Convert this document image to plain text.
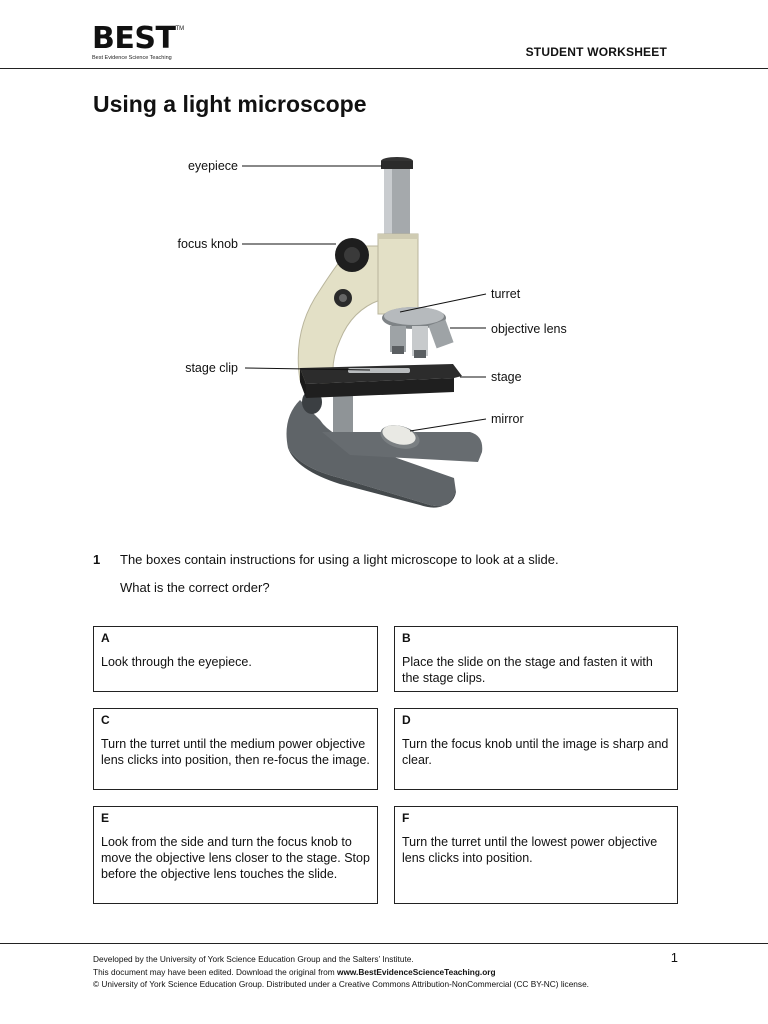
BEST™
Best Evidence Science Teaching	STUDENT WORKSHEET
Using a light microscope
eyepiece
focus knob
stage clip
turret
objective lens
stage
mirror
1 The boxes contain instructions for using a light microscope to look at a slide.
What is the correct order?
A
Look through the eyepiece.
B
Place the slide on the stage and fasten it with the stage clips.
C
Turn the turret until the medium power objective lens clicks into position, then re-focus the image.
D
Turn the focus knob until the image is sharp and clear.
E
Look from the side and turn the focus knob to move the objective lens closer to the stage. Stop before the objective lens touches the slide.
F
Turn the turret until the lowest power objective lens clicks into position.
Developed by the University of York Science Education Group and the Salters’ Institute.
This document may have been edited. Download the original from www.BestEvidenceScienceTeaching.org
© University of York Science Education Group. Distributed under a Creative Commons Attribution-NonCommercial (CC BY-NC) license.
1
